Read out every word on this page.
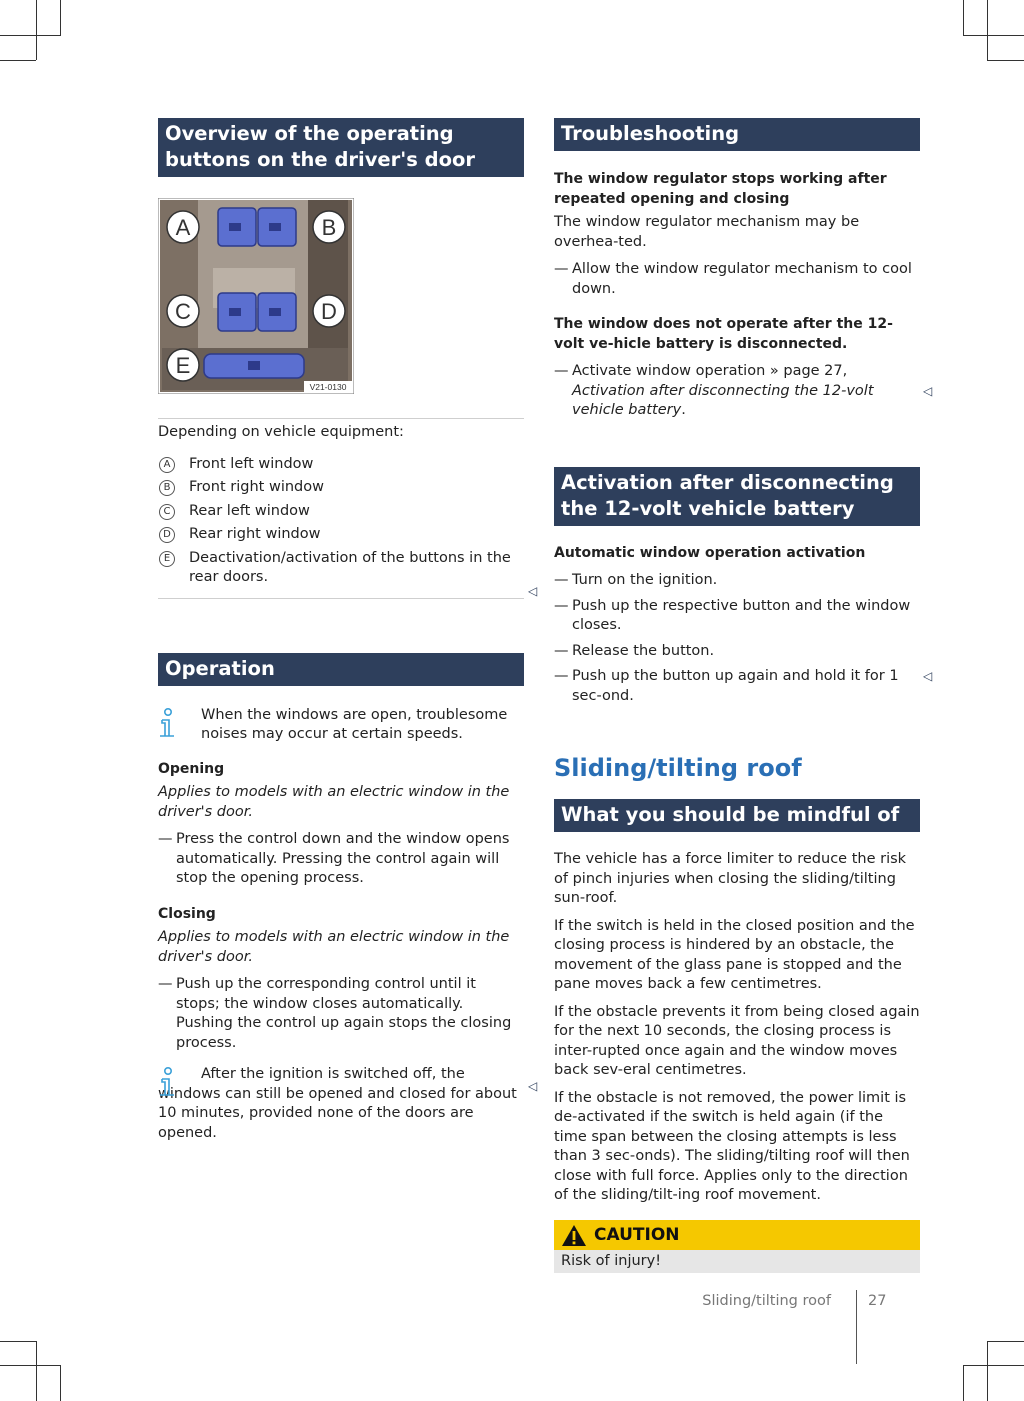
Overview of the operating buttons on the driver's door
A	B
C	D
E
V21-0130

Depending on vehicle equipment:

A	Front left window
B	Front right window
C	Rear left window
D Rear right window
E	Deactivation/activation of the buttons in the rear doors.
Operation

When the windows are open, troublesome noises may occur at certain speeds.

Opening

Applies to models with an electric window in the driver's door.

— Press the control down and the window opens automatically. Pressing the control again will stop the opening process.

Closing

Applies to models with an electric window in the driver's door.

— Push up the corresponding control until it stops; the window closes automatically. Pushing the control up again stops the closing process.

After the ignition is switched off, the windows can still be opened and closed for about 10 minutes, provided none of the doors are opened.

◁
◁
Troubleshooting

The window regulator stops working after repeated opening and closing

The window regulator mechanism may be overhea-ted.

— Allow the window regulator mechanism to cool down.

The window does not operate after the 12-volt ve-hicle battery is disconnected.

— Activate window operation » page 27, Activation after disconnecting the 12-volt vehicle battery.

Activation after disconnecting the 12-volt vehicle battery

Automatic window operation activation

— Turn on the ignition.

— Push up the respective button and the window closes.

— Release the button.

— Push up the button up again and hold it for 1 sec-ond.

Sliding/tilting roof
What you should be mindful of

The vehicle has a force limiter to reduce the risk of pinch injuries when closing the sliding/tilting sun-roof.

If the switch is held in the closed position and the closing process is hindered by an obstacle, the movement of the glass pane is stopped and the pane moves back a few centimetres.

If the obstacle prevents it from being closed again for the next 10 seconds, the closing process is inter-rupted once again and the window moves back sev-eral centimetres.

If the obstacle is not removed, the power limit is de-activated if the switch is held again (if the time span between the closing attempts is less than 3 sec-onds). The sliding/tilting roof will then close with full force. Applies only to the direction of the sliding/tilt-ing roof movement.

CAUTION
Risk of injury!
◁
◁
Sliding/tilting roof	27
